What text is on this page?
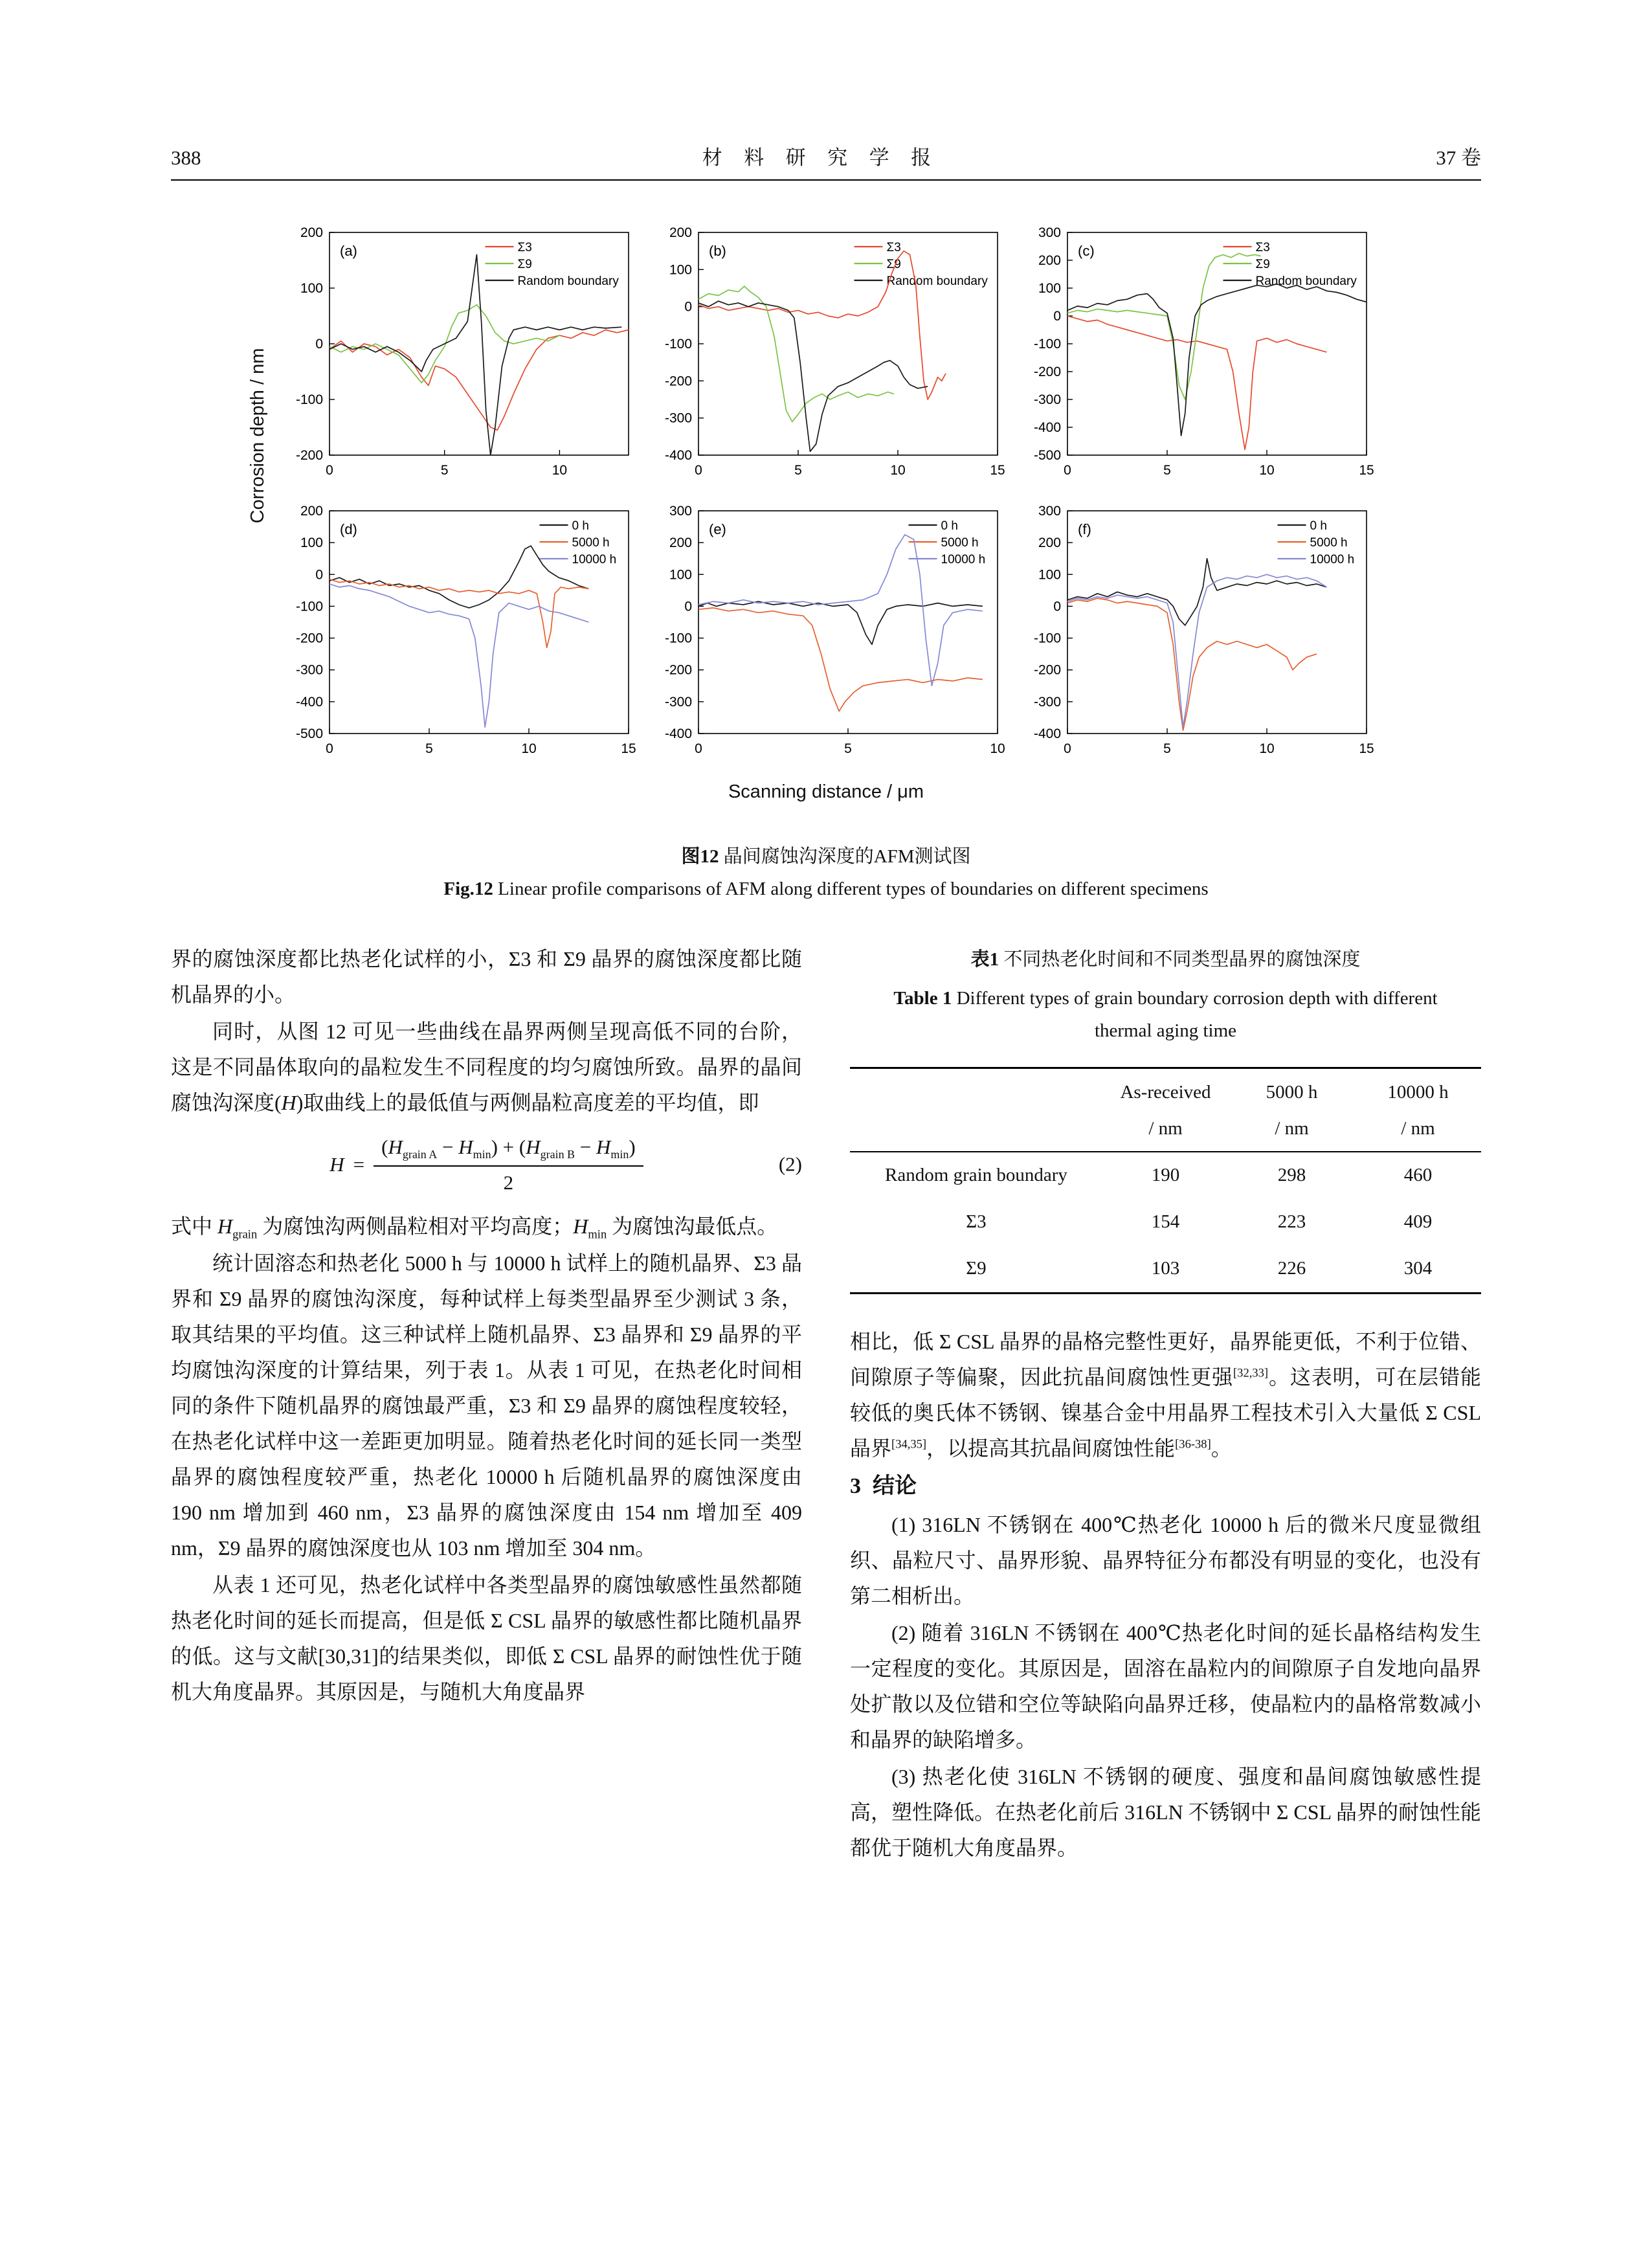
388	材  料  研  究  学  报	37 卷
Corrosion depth / nm
200
100
0
-100
-200
0	5	10
(a)	Σ3
Σ9
Random boundary
200
100
0
-100
-200
-300
-400
0	5	10	15
(b)	Σ3
Σ9
Random boundary
300
200
100
0
-100
-200
-300
-400
-500
0	5	10	15
(c)	Σ3
Σ9
Random boundary
200
100
0
-100
-200
-300
-400
-500
0	5	10	15
(d)	0 h
5000 h
10000 h
300
200
100
0
-100
-200
-300
-400
0	5	10
(e)	0 h
5000 h
10000 h
300
200
100
0
-100
-200
-300
-400
0	5	10	15
(f)	0 h
5000 h
10000 h
Scanning distance / μm
图12 晶间腐蚀沟深度的AFM测试图
Fig.12 Linear profile comparisons of AFM along different types of boundaries on different specimens

界的腐蚀深度都比热老化试样的小，Σ3 和 Σ9 晶界的腐蚀深度都比随机晶界的小。

同时，从图 12 可见一些曲线在晶界两侧呈现高低不同的台阶，这是不同晶体取向的晶粒发生不同程度的均匀腐蚀所致。晶界的晶间腐蚀沟深度(H)取曲线上的最低值与两侧晶粒高度差的平均值，即

$H = \frac{(H_{grain A} - H_{min}) + (H_{grain B} - H_{min})}{2}$	(2)

式中 $H_{grain}$ 为腐蚀沟两侧晶粒相对平均高度；$H_{min}$ 为腐蚀沟最低点。

统计固溶态和热老化 5000 h 与 10000 h 试样上的随机晶界、Σ3 晶界和 Σ9 晶界的腐蚀沟深度，每种试样上每类型晶界至少测试 3 条，取其结果的平均值。这三种试样上随机晶界、Σ3 晶界和 Σ9 晶界的平均腐蚀沟深度的计算结果，列于表 1。从表 1 可见，在热老化时间相同的条件下随机晶界的腐蚀最严重，Σ3 和 Σ9 晶界的腐蚀程度较轻，在热老化试样中这一差距更加明显。随着热老化时间的延长同一类型晶界的腐蚀程度较严重，热老化 10000 h 后随机晶界的腐蚀深度由 190 nm 增加到 460 nm，Σ3 晶界的腐蚀深度由 154 nm 增加至 409 nm，Σ9 晶界的腐蚀深度也从 103 nm 增加至 304 nm。

从表 1 还可见，热老化试样中各类型晶界的腐蚀敏感性虽然都随热老化时间的延长而提高，但是低 Σ CSL 晶界的敏感性都比随机晶界的低。这与文献[30,31]的结果类似，即低 Σ CSL 晶界的耐蚀性优于随机大角度晶界。其原因是，与随机大角度晶界

表1 不同热老化时间和不同类型晶界的腐蚀深度
Table 1 Different types of grain boundary corrosion depth with different thermal aging time
	As-received	5000 h	10000 h
	/ nm	/ nm	/ nm
Random grain boundary	190	298	460
Σ3	154	223	409
Σ9	103	226	304

相比，低 Σ CSL 晶界的晶格完整性更好，晶界能更低，不利于位错、间隙原子等偏聚，因此抗晶间腐蚀性更强[32,33]。这表明，可在层错能较低的奥氏体不锈钢、镍基合金中用晶界工程技术引入大量低 Σ CSL 晶界[34,35]，以提高其抗晶间腐蚀性能[36-38]。

3 结论

(1) 316LN 不锈钢在 400℃热老化 10000 h 后的微米尺度显微组织、晶粒尺寸、晶界形貌、晶界特征分布都没有明显的变化，也没有第二相析出。

(2) 随着 316LN 不锈钢在 400℃热老化时间的延长晶格结构发生一定程度的变化。其原因是，固溶在晶粒内的间隙原子自发地向晶界处扩散以及位错和空位等缺陷向晶界迁移，使晶粒内的晶格常数减小和晶界的缺陷增多。

(3) 热老化使 316LN 不锈钢的硬度、强度和晶间腐蚀敏感性提高，塑性降低。在热老化前后 316LN 不锈钢中 Σ CSL 晶界的耐蚀性能都优于随机大角度晶界。
